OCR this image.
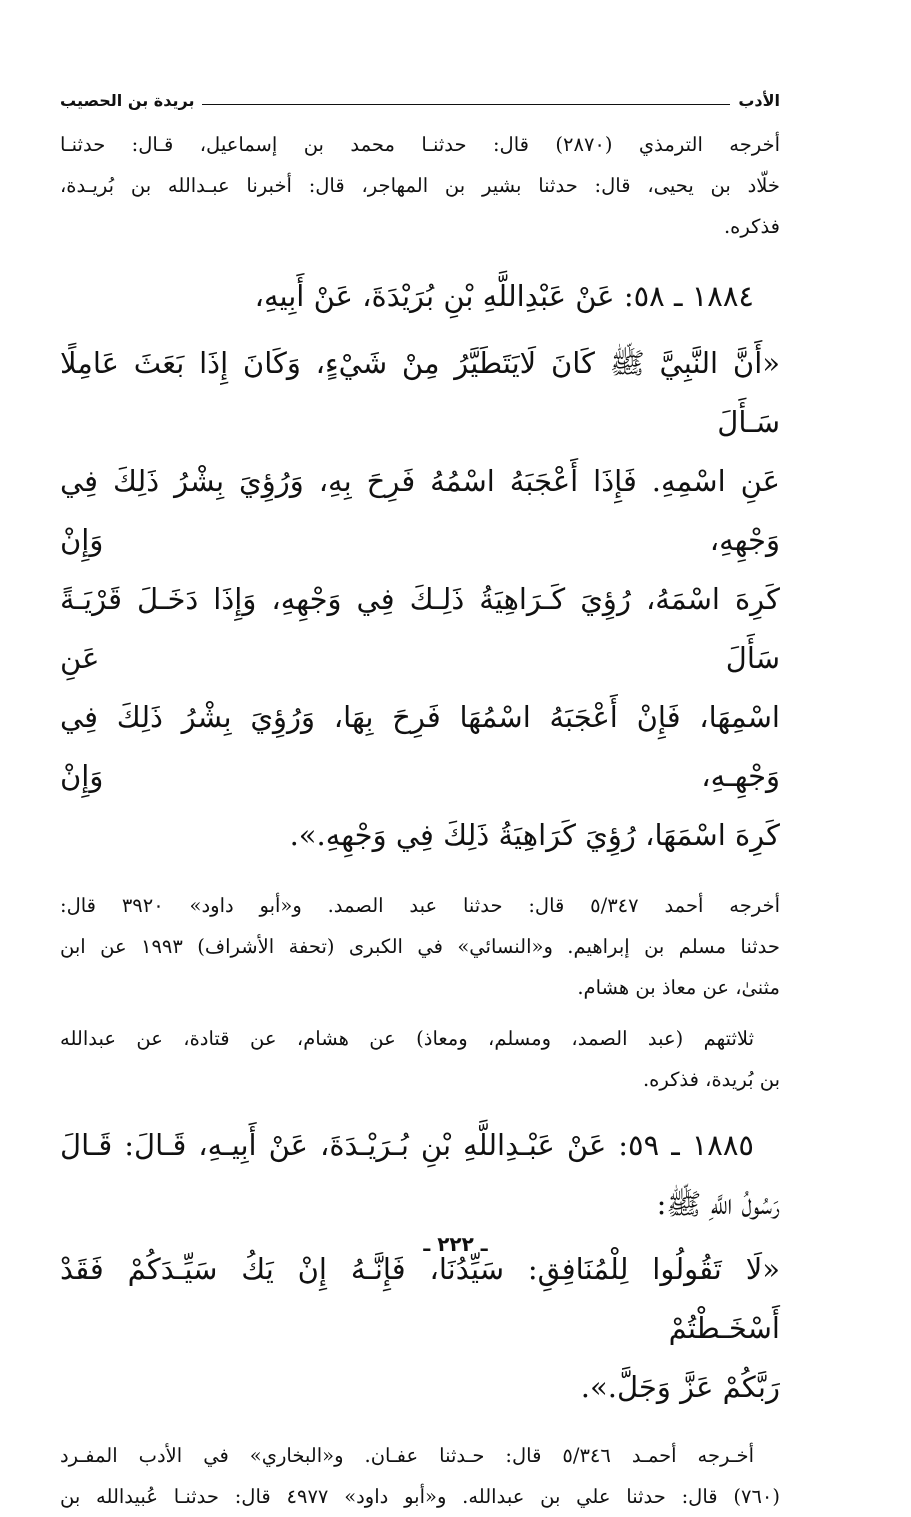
الأدب
بريدة بن الحصيب

أخرجه الترمذي (٢٨٧٠) قال: حدثنـا محمد بن إسماعيل، قـال: حدثنـا

خلّاد بن يحيى، قال: حدثنا بشير بن المهاجر، قال: أخبرنا عبـدالله بن بُريـدة،

فذكره.

١٨٨٤ ـ ٥٨: عَنْ عَبْدِاللَّهِ بْنِ بُرَيْدَةَ، عَنْ أَبِيهِ،

«أَنَّ النَّبِيَّ ﷺ كَانَ لَايَتَطَيَّرُ مِنْ شَيْءٍ، وَكَانَ إِذَا بَعَثَ عَامِلًا سَـأَلَ

عَنِ اسْمِهِ. فَإِذَا أَعْجَبَهُ اسْمُهُ فَرِحَ بِهِ، وَرُؤِيَ بِشْرُ ذَلِكَ فِي وَجْهِهِ، وَإِنْ

كَرِهَ اسْمَهُ، رُؤِيَ كَـرَاهِيَةُ ذَلِـكَ فِي وَجْهِهِ، وَإِذَا دَخَـلَ قَرْيَـةً سَأَلَ عَنِ

اسْمِهَا، فَإِنْ أَعْجَبَهُ اسْمُهَا فَرِحَ بِهَا، وَرُؤِيَ بِشْرُ ذَلِكَ فِي وَجْهِـهِ، وَإِنْ

كَرِهَ اسْمَهَا، رُؤِيَ كَرَاهِيَةُ ذَلِكَ فِي وَجْهِهِ.».

أخرجه أحمد ٥/٣٤٧ قال: حدثنا عبد الصمد. و«أبو داود» ٣٩٢٠ قال:

حدثنا مسلم بن إبراهيم. و«النسائي» في الكبرى (تحفة الأشراف) ١٩٩٣ عن ابن

مثنىٰ، عن معاذ بن هشام.

ثلاثتهم (عبد الصمد، ومسلم، ومعاذ) عن هشام، عن قتادة، عن عبدالله

بن بُريدة، فذكره.

١٨٨٥ ـ ٥٩: عَنْ عَبْـدِاللَّهِ بْنِ بُـرَيْـدَةَ، عَنْ أَبِيـهِ، قَـالَ: قَـالَ

رَسُولُ اللَّهِ ﷺ:

«لَا تَقُولُوا لِلْمُنَافِقِ: سَيِّدُنَا، فَإِنَّـهُ إِنْ يَكُ سَيِّـدَكُمْ فَقَدْ أَسْخَـطْتُمْ

رَبَّكُمْ عَزَّ وَجَلَّ.».

أخـرجه أحمـد ٥/٣٤٦ قال: حـدثنا عفـان. و«البخاري» في الأدب المفـرد

(٧٦٠) قال: حدثنا علي بن عبدالله. و«أبو داود» ٤٩٧٧ قال: حدثنـا عُبيدالله بن

ـ ٢٢٢ ـ
